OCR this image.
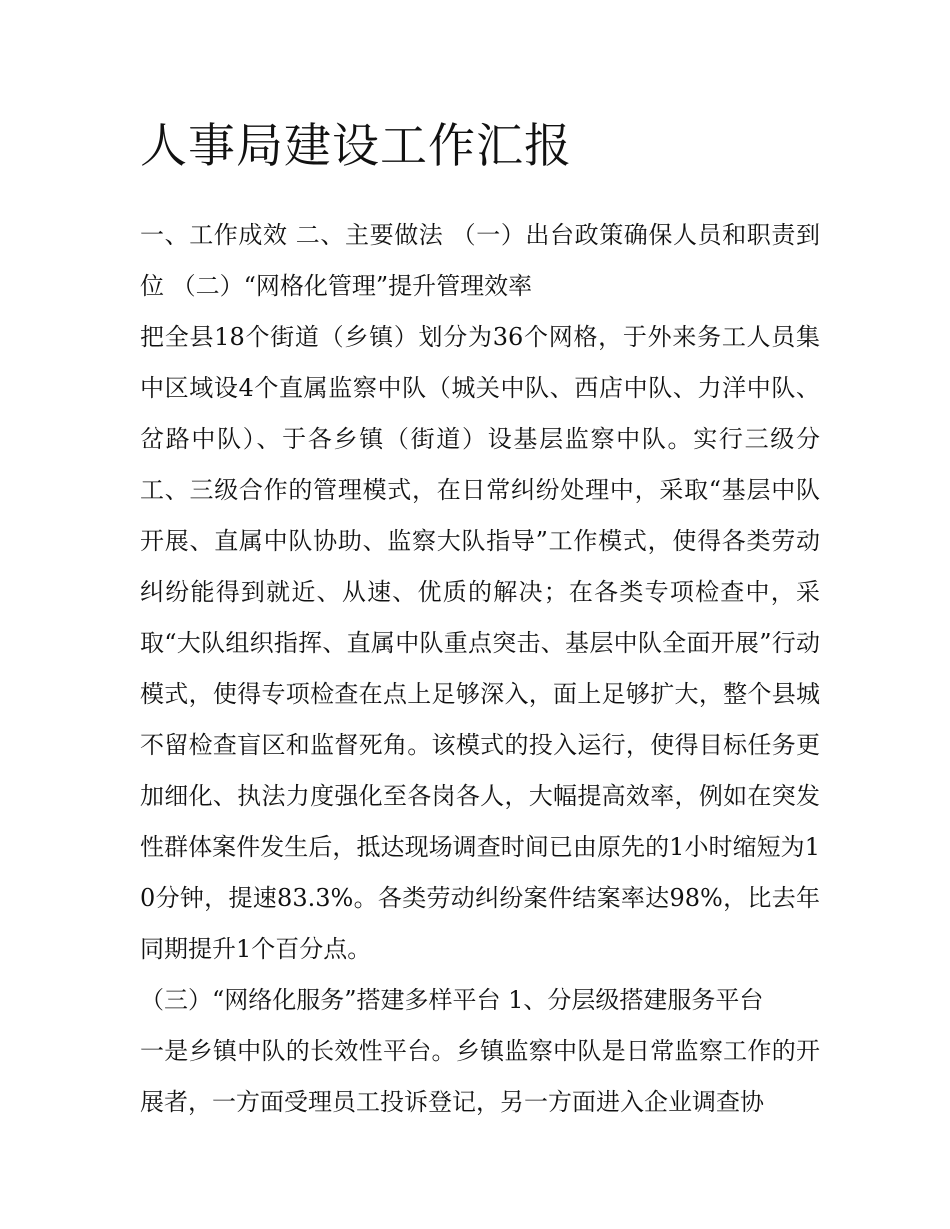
人事局建设工作汇报

一、工作成效 二、主要做法 （一）出台政策确保人员和职责到位 （二）“网格化管理”提升管理效率

把全县18个街道（乡镇）划分为36个网格，于外来务工人员集中区域设4个直属监察中队（城关中队、西店中队、力洋中队、岔路中队）、于各乡镇（街道）设基层监察中队。实行三级分工、三级合作的管理模式，在日常纠纷处理中，采取“基层中队开展、直属中队协助、监察大队指导”工作模式，使得各类劳动纠纷能得到就近、从速、优质的解决；在各类专项检查中，采取“大队组织指挥、直属中队重点突击、基层中队全面开展”行动模式，使得专项检查在点上足够深入，面上足够扩大，整个县城不留检查盲区和监督死角。该模式的投入运行，使得目标任务更加细化、执法力度强化至各岗各人，大幅提高效率，例如在突发性群体案件发生后，抵达现场调查时间已由原先的1小时缩短为10分钟，提速83.3%。各类劳动纠纷案件结案率达98%，比去年同期提升1个百分点。

（三）“网络化服务”搭建多样平台 1、分层级搭建服务平台

一是乡镇中队的长效性平台。乡镇监察中队是日常监察工作的开展者，一方面受理员工投诉登记，另一方面进入企业调查协
